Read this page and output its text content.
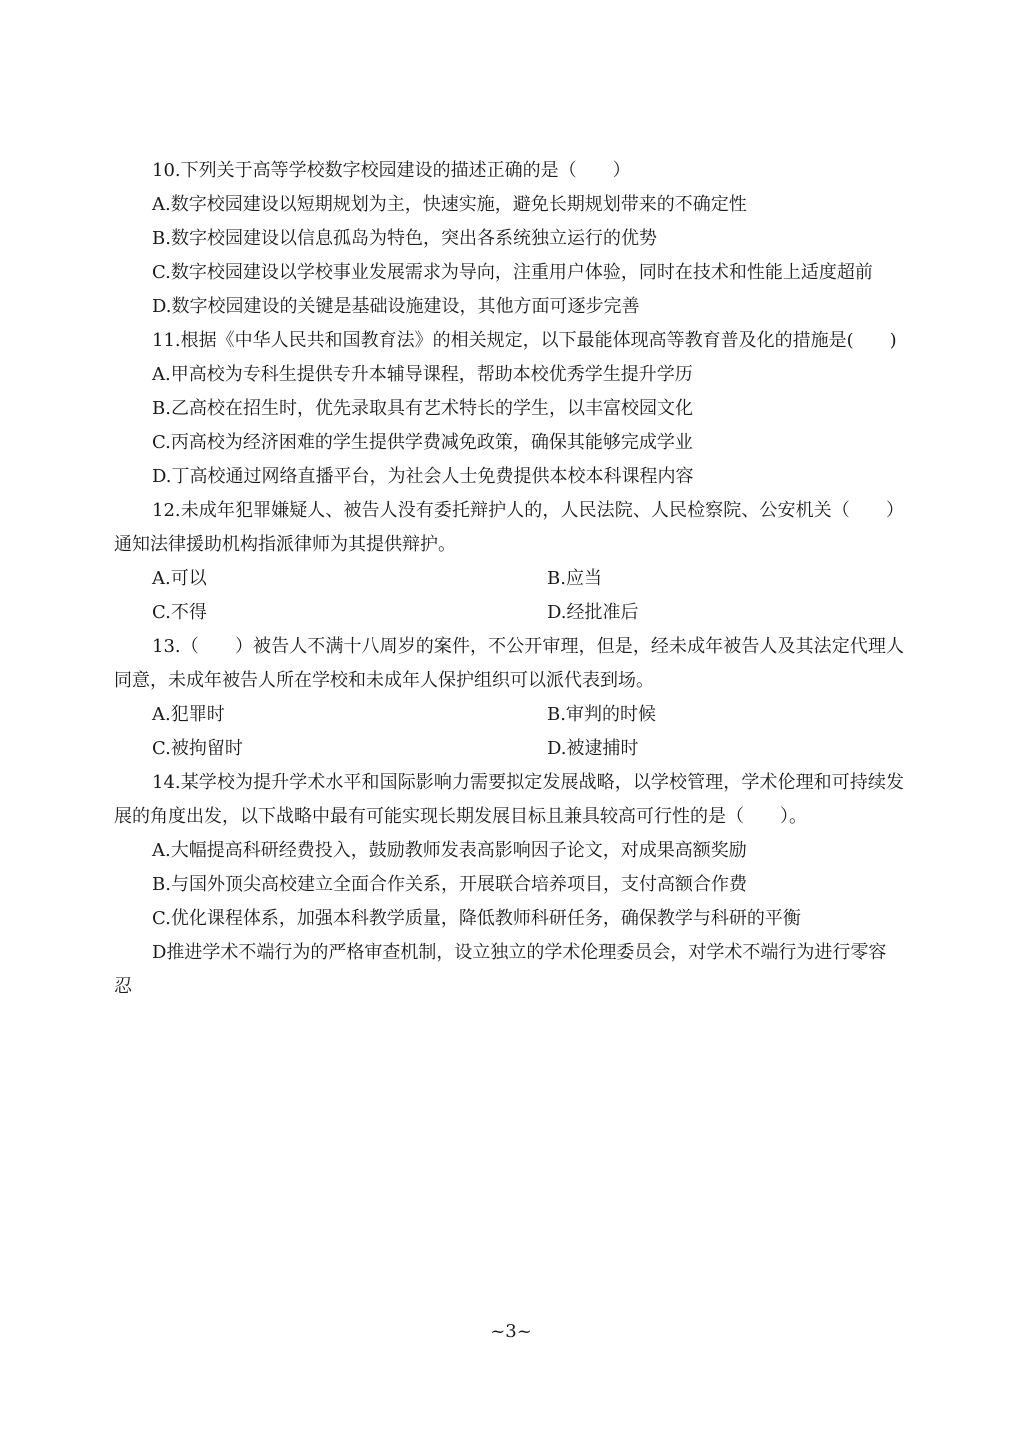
10.下列关于高等学校数字校园建设的描述正确的是（　　）

A.数字校园建设以短期规划为主，快速实施，避免长期规划带来的不确定性

B.数字校园建设以信息孤岛为特色，突出各系统独立运行的优势

C.数字校园建设以学校事业发展需求为导向，注重用户体验，同时在技术和性能上适度超前

D.数字校园建设的关键是基础设施建设，其他方面可逐步完善

11.根据《中华人民共和国教育法》的相关规定，以下最能体现高等教育普及化的措施是(　　)

A.甲高校为专科生提供专升本辅导课程，帮助本校优秀学生提升学历

B.乙高校在招生时，优先录取具有艺术特长的学生，以丰富校园文化

C.丙高校为经济困难的学生提供学费减免政策，确保其能够完成学业

D.丁高校通过网络直播平台，为社会人士免费提供本校本科课程内容

12.未成年犯罪嫌疑人、被告人没有委托辩护人的，人民法院、人民检察院、公安机关（　　）通知法律援助机构指派律师为其提供辩护。

A.可以	B.应当
C.不得	D.经批准后

13.（　　）被告人不满十八周岁的案件，不公开审理，但是，经未成年被告人及其法定代理人同意，未成年被告人所在学校和未成年人保护组织可以派代表到场。

A.犯罪时	B.审判的时候
C.被拘留时	D.被逮捕时

14.某学校为提升学术水平和国际影响力需要拟定发展战略，以学校管理，学术伦理和可持续发展的角度出发，以下战略中最有可能实现长期发展目标且兼具较高可行性的是（　　）。

A.大幅提高科研经费投入，鼓励教师发表高影响因子论文，对成果高额奖励

B.与国外顶尖高校建立全面合作关系，开展联合培养项目，支付高额合作费

C.优化课程体系，加强本科教学质量，降低教师科研任务，确保教学与科研的平衡

D推进学术不端行为的严格审查机制，设立独立的学术伦理委员会，对学术不端行为进行零容忍

~3~
